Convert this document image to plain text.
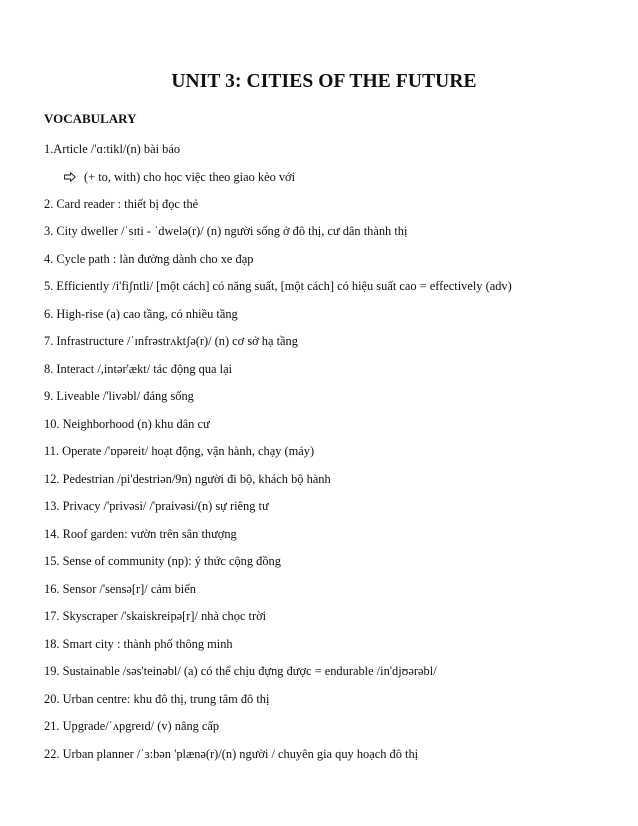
UNIT 3: CITIES OF THE FUTURE
VOCABULARY
1.Article /'ɑ:tikl/(n) bài báo
(+ to, with) cho học việc theo giao kèo với
2. Card reader : thiết bị đọc thẻ
3. City dweller /ˈsɪti - ˈdwelə(r)/ (n) người sống ở đô thị, cư dân thành thị
4. Cycle path : làn đường dành cho xe đạp
5. Efficiently /i'fiʃntli/ [một cách] có năng suất, [một cách] có hiệu suất cao = effectively (adv)
6. High-rise (a) cao tầng, có nhiều tầng
7. Infrastructure /ˈɪnfrəstrʌktʃə(r)/ (n) cơ sở hạ tầng
8. Interact /,intər'ækt/ tác động qua lại
9. Liveable /'livəbl/ đáng sống
10. Neighborhood (n) khu dân cư
11. Operate /'ɒpəreit/ hoạt động, vận hành, chạy (máy)
12. Pedestrian /pi'destriən/9n) người đi bộ, khách bộ hành
13. Privacy /'privəsi/ /'praivəsi/(n) sự riêng tư
14. Roof garden: vườn trên sân thượng
15. Sense of community (np): ý thức cộng đồng
16. Sensor /'sensə[r]/ cảm biến
17. Skyscraper /'skaiskreipə[r]/ nhà chọc trời
18. Smart city : thành phố thông minh
19. Sustainable /səs'teinəbl/ (a) có thể chịu đựng được = endurable /in'djʊərəbl/
20. Urban centre: khu đô thị, trung tâm đô thị
21. Upgrade/ˈʌpgreɪd/ (v) nâng cấp
22. Urban planner /ˈɜ:bən 'plænə(r)/(n) người / chuyên gia quy hoạch đô thị
